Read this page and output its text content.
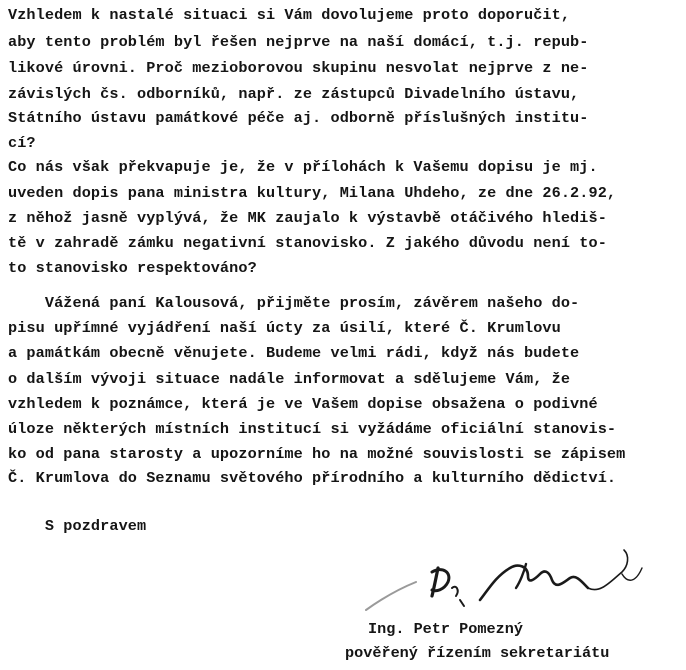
Vzhledem k nastalé situaci si Vám dovolujeme proto doporučit,
aby tento problém byl řešen nejprve na naší domácí, t.j. repub-
likové úrovni. Proč mezioborovou skupinu nesvolat nejprve z ne-
závislých čs. odborníků, např. ze zástupců Divadelního ústavu,
Státního ústavu památkové péče aj. odborně příslušných institu-
cí?
Co nás však překvapuje je, že v přílohách k Vašemu dopisu je mj.
uveden dopis pana ministra kultury, Milana Uhdeho, ze dne 26.2.92,
z něhož jasně vyplývá, že MK zaujalo k výstavbě otáčivého hlediš-
tě v zahradě zámku negativní stanovisko. Z jakého důvodu není to-
to stanovisko respektováno?
Vážená paní Kalousová, přijměte prosím, závěrem našeho do-
pisu upřímné vyjádření naší úcty za úsilí, které Č. Krumlovu
a památkám obecně věnujete. Budeme velmi rádi, když nás budete
o dalším vývoji situace nadále informovat a sdělujeme Vám, že
vzhledem k poznámce, která je ve Vašem dopise obsažena o podivné
úloze některých místních institucí si vyžádáme oficiální stanovis-
ko od pana starosty a upozorníme ho na možné souvislosti se zápisem
Č. Krumlova do Seznamu světového přírodního a kulturního dědictví.
S pozdravem
Ing. Petr Pomezný
pověřený řízením sekretariátu
